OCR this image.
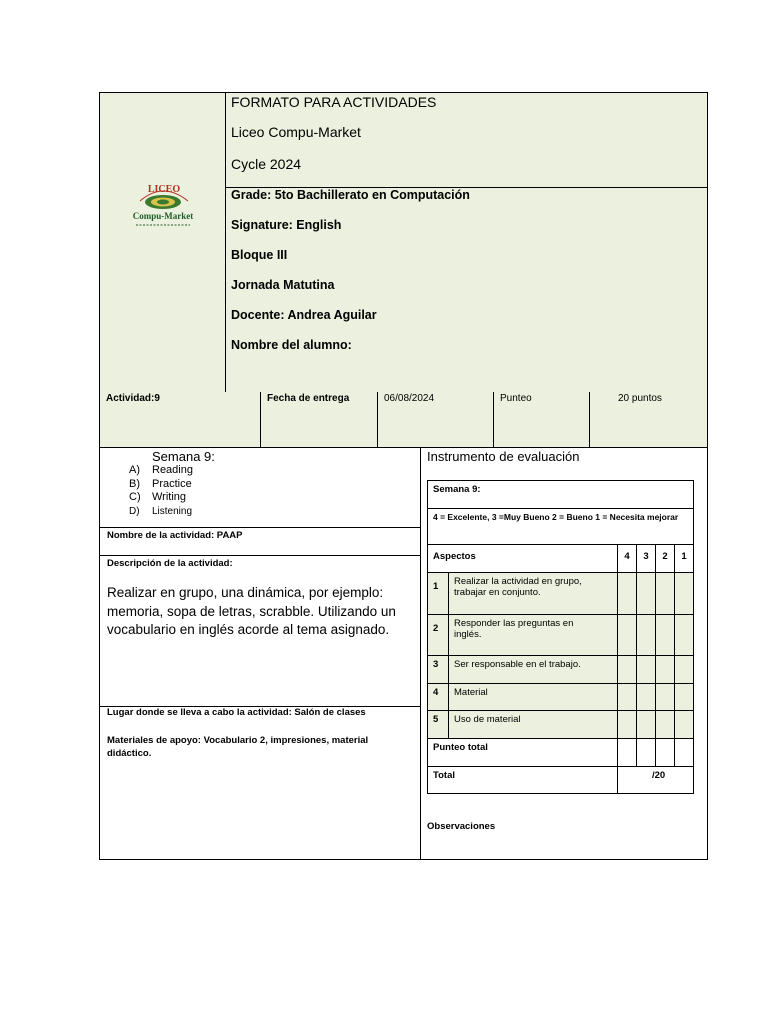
LICEO
Compu-Market
FORMATO PARA ACTIVIDADES
Liceo Compu-Market
Cycle 2024
Grade: 5to Bachillerato en Computación
Signature: English
Bloque III
Jornada Matutina
Docente: Andrea Aguilar
Nombre del alumno:
Actividad:9	Fecha de entrega	06/08/2024	Punteo	20 puntos
Semana 9:
A) Reading
B) Practice
C) Writing
D) Listening
Nombre de la actividad: PAAP
Descripción de la actividad:
Realizar en grupo, una dinámica, por ejemplo: memoria, sopa de letras, scrabble. Utilizando un vocabulario en inglés acorde al tema asignado.
Lugar donde se lleva a cabo la actividad: Salón de clases
Materiales de apoyo: Vocabulario 2, impresiones, material didáctico.
Instrumento de evaluación
Semana 9:					
4 = Excelente, 3 =Muy Bueno 2 = Bueno 1 = Necesita mejorar					
Aspectos		4	3	2	1
1	Realizar la actividad en grupo, trabajar en conjunto.				
2	Responder las preguntas en inglés.				
3	Ser responsable en el trabajo.				
4	Material				
5	Uso de material				
Punteo total					
Total		/20			
Observaciones
